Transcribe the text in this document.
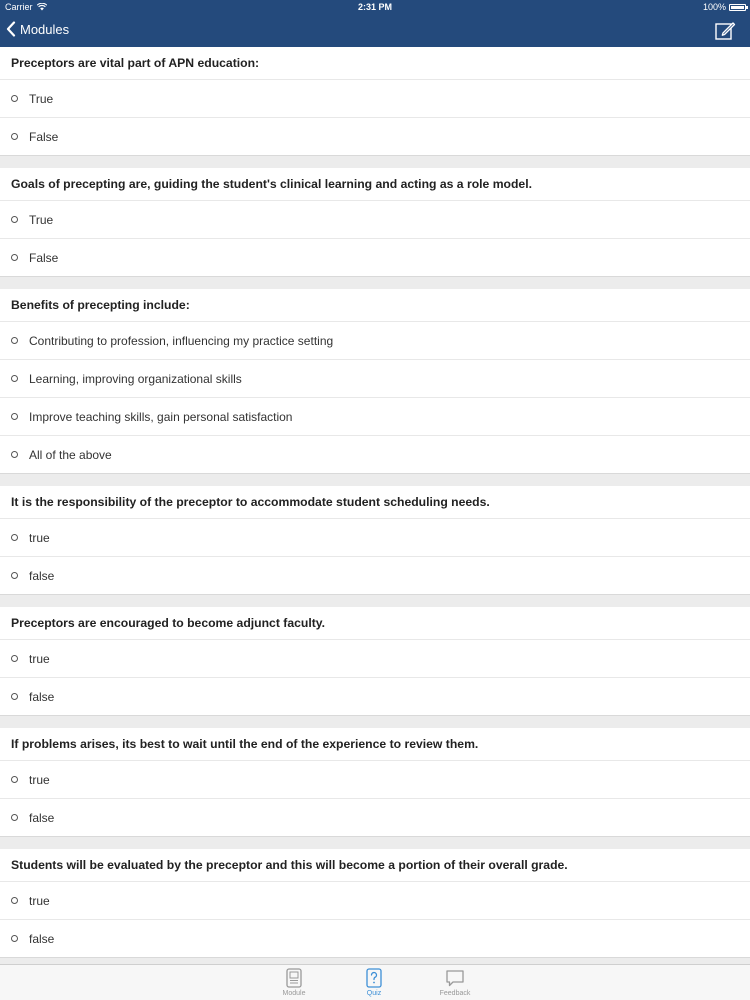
Carrier	2:31 PM	100%
Modules
Preceptors are vital part of APN education:
True
False
Goals of precepting are, guiding the student's clinical learning and acting as a role model.
True
False
Benefits of precepting include:
Contributing to profession, influencing my practice setting
Learning, improving organizational skills
Improve teaching skills, gain personal satisfaction
All of the above
It is the responsibility of the preceptor to accommodate student scheduling needs.
true
false
Preceptors are encouraged to become adjunct faculty.
true
false
If problems arises, its best to wait until the end of the experience to review them.
true
false
Students will be evaluated by the preceptor and this will become a portion of their overall grade.
true
false
Module	Quiz	Feedback
